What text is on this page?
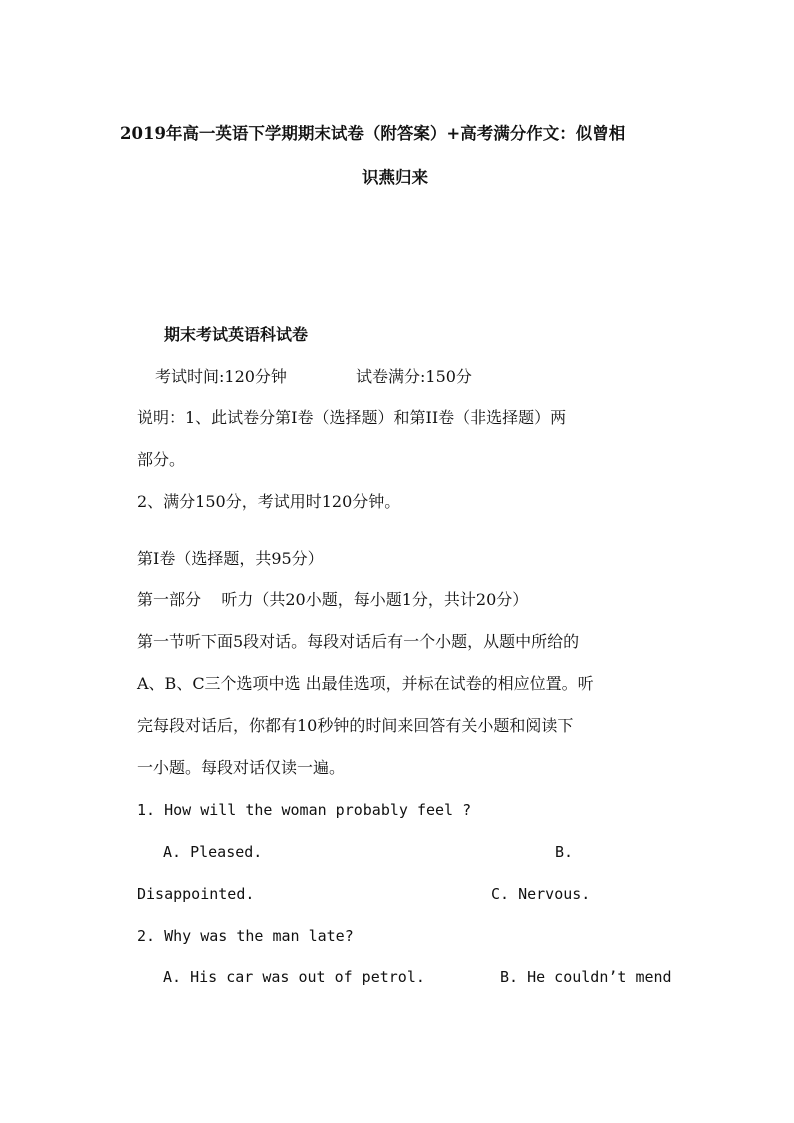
2019年高一英语下学期期末试卷（附答案）+高考满分作文：似曾相
识燕归来
期末考试英语科试卷
考试时间:120分钟	试卷满分:150分
说明：1、此试卷分第Ⅰ卷（选择题）和第II卷（非选择题）两
部分。
2、满分150分，考试用时120分钟。
第Ⅰ卷（选择题，共95分）
第一部分    听力（共20小题，每小题1分，共计20分）
第一节听下面5段对话。每段对话后有一个小题，从题中所给的
A、B、C三个选项中选 出最佳选项，并标在试卷的相应位置。听
完每段对话后，你都有10秒钟的时间来回答有关小题和阅读下
一小题。每段对话仅读一遍。
1. How will the woman probably feel ?
A. Pleased.	B.
Disappointed.	C. Nervous.
2. Why was the man late?
A. His car was out of petrol.	B. He couldn’t mend
